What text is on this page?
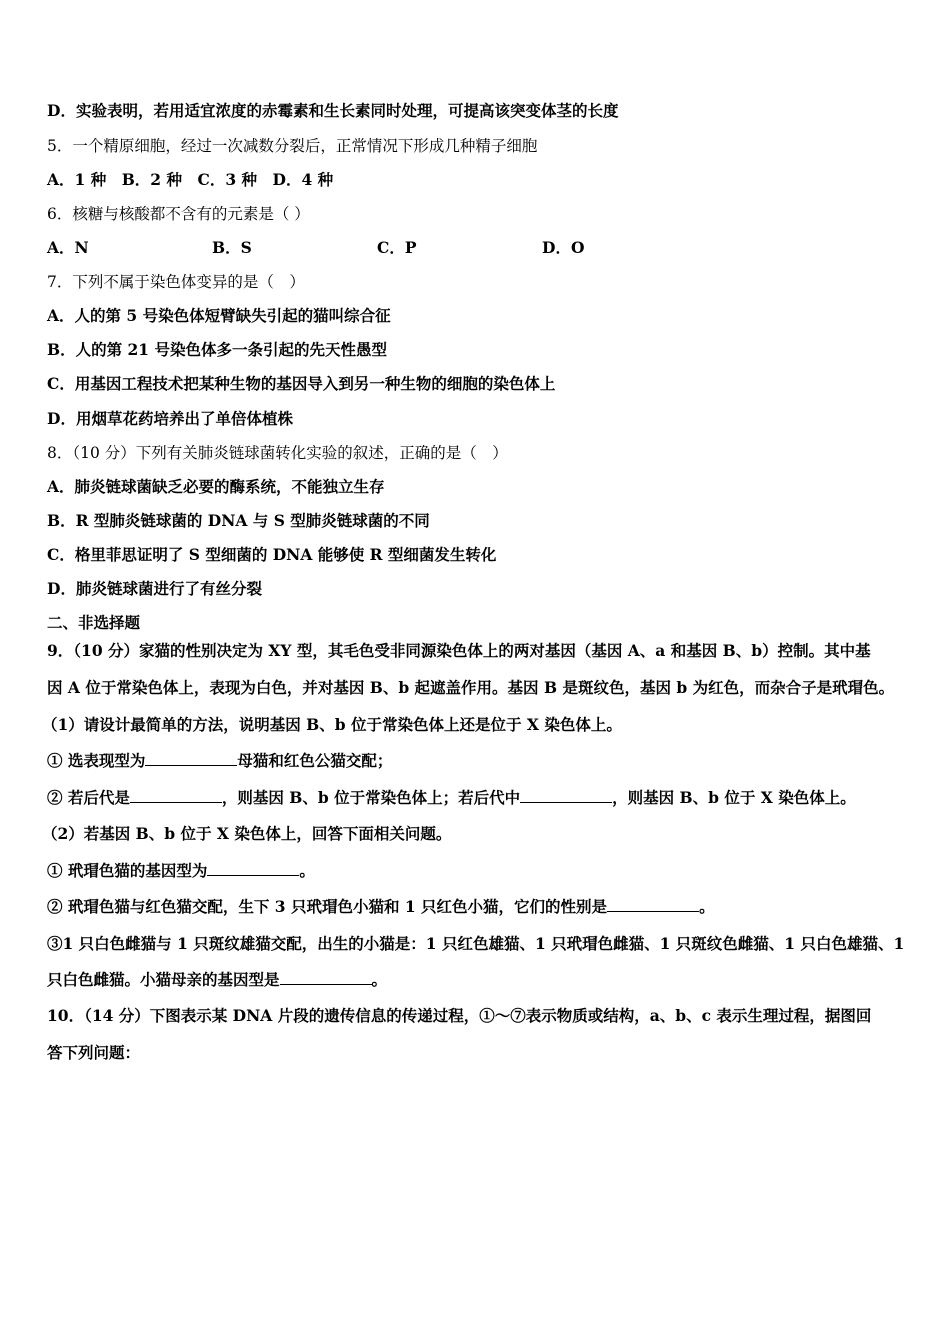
D．实验表明，若用适宜浓度的赤霉素和生长素同时处理，可提高该突变体茎的长度
5．一个精原细胞，经过一次减数分裂后，正常情况下形成几种精子细胞
A．1 种　B．2 种　C．3 种　D．4 种
6．核糖与核酸都不含有的元素是（ ）
A．N	B．S	C．P	D．O
7．下列不属于染色体变异的是（　）
A．人的第 5 号染色体短臂缺失引起的猫叫综合征
B．人的第 21 号染色体多一条引起的先天性愚型
C．用基因工程技术把某种生物的基因导入到另一种生物的细胞的染色体上
D．用烟草花药培养出了单倍体植株
8．（10 分）下列有关肺炎链球菌转化实验的叙述，正确的是（　）
A．肺炎链球菌缺乏必要的酶系统，不能独立生存
B．R 型肺炎链球菌的 DNA 与 S 型肺炎链球菌的不同
C．格里菲思证明了 S 型细菌的 DNA 能够使 R 型细菌发生转化
D．肺炎链球菌进行了有丝分裂
二、非选择题
9．（10 分）家猫的性别决定为 XY 型，其毛色受非同源染色体上的两对基因（基因 A、a 和基因 B、b）控制。其中基
因 A 位于常染色体上，表现为白色，并对基因 B、b 起遮盖作用。基因 B 是斑纹色，基因 b 为红色，而杂合子是玳瑁色。
（1）请设计最简单的方法，说明基因 B、b 位于常染色体上还是位于 X 染色体上。
① 选表现型为	母猫和红色公猫交配；
② 若后代是	，则基因 B、b 位于常染色体上；若后代中	，则基因 B、b 位于 X 染色体上。
（2）若基因 B、b 位于 X 染色体上，回答下面相关问题。
① 玳瑁色猫的基因型为	。
② 玳瑁色猫与红色猫交配，生下 3 只玳瑁色小猫和 1 只红色小猫，它们的性别是	。
③1 只白色雌猫与 1 只斑纹雄猫交配，出生的小猫是：1 只红色雄猫、1 只玳瑁色雌猫、1 只斑纹色雌猫、1 只白色雄猫、1
只白色雌猫。小猫母亲的基因型是	。
10．（14 分）下图表示某 DNA 片段的遗传信息的传递过程，①～⑦表示物质或结构，a、b、c 表示生理过程，据图回
答下列问题：
